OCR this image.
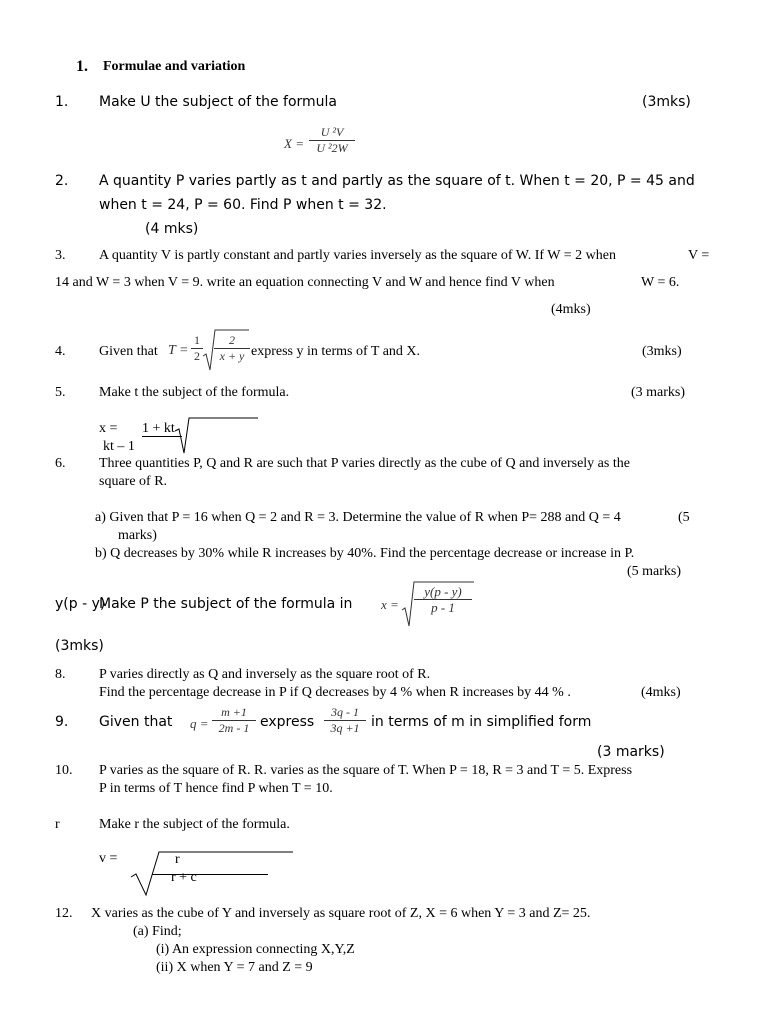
1. Formulae and variation
1. Make U the subject of the formula	(3mks)
X =
U ²V
U ²2W
2. A quantity P varies partly as t and partly as the square of t. When t = 20, P = 45 and
when t = 24, P = 60. Find P when t = 32.
(4 mks)
3. A quantity V is partly constant and partly varies inversely as the square of W. If W = 2 when	V =
14 and W = 3 when V = 9. write an equation connecting V and W and hence find V when	W = 6.
(4mks)
4. Given that T =
1
2
2
x + y express y in terms of T and X.	(3mks)
5. Make t the subject of the formula.	(3 marks)
x = 1 + kt
kt – 1
6. Three quantities P, Q and R are such that P varies directly as the cube of Q and inversely as the
square of R.
a) Given that P = 16 when Q = 2 and R = 3. Determine the value of R when P= 288 and Q = 4	(5
marks)
b) Q decreases by 30% while R increases by 40%. Find the percentage decrease or increase in P.
(5 marks)
y(p - y)
Make P the subject of the formula in x =
y(p - y)
p - 1
(3mks)
8. P varies directly as Q and inversely as the square root of R.
Find the percentage decrease in P if Q decreases by 4 % when R increases by 44 % .	(4mks)
9. Given that q =
m +1
2m - 1 express
3q - 1
3q +1 in terms of m in simplified form
(3 marks)
10. P varies as the square of R. R. varies as the square of T. When P = 18, R = 3 and T = 5. Express
P in terms of T hence find P when T = 10.
r	Make r the subject of the formula.
v =	r
r + c
12. X varies as the cube of Y and inversely as square root of Z, X = 6 when Y = 3 and Z= 25.
(a) Find;
(i) An expression connecting X,Y,Z
(ii) X when Y = 7 and Z = 9
